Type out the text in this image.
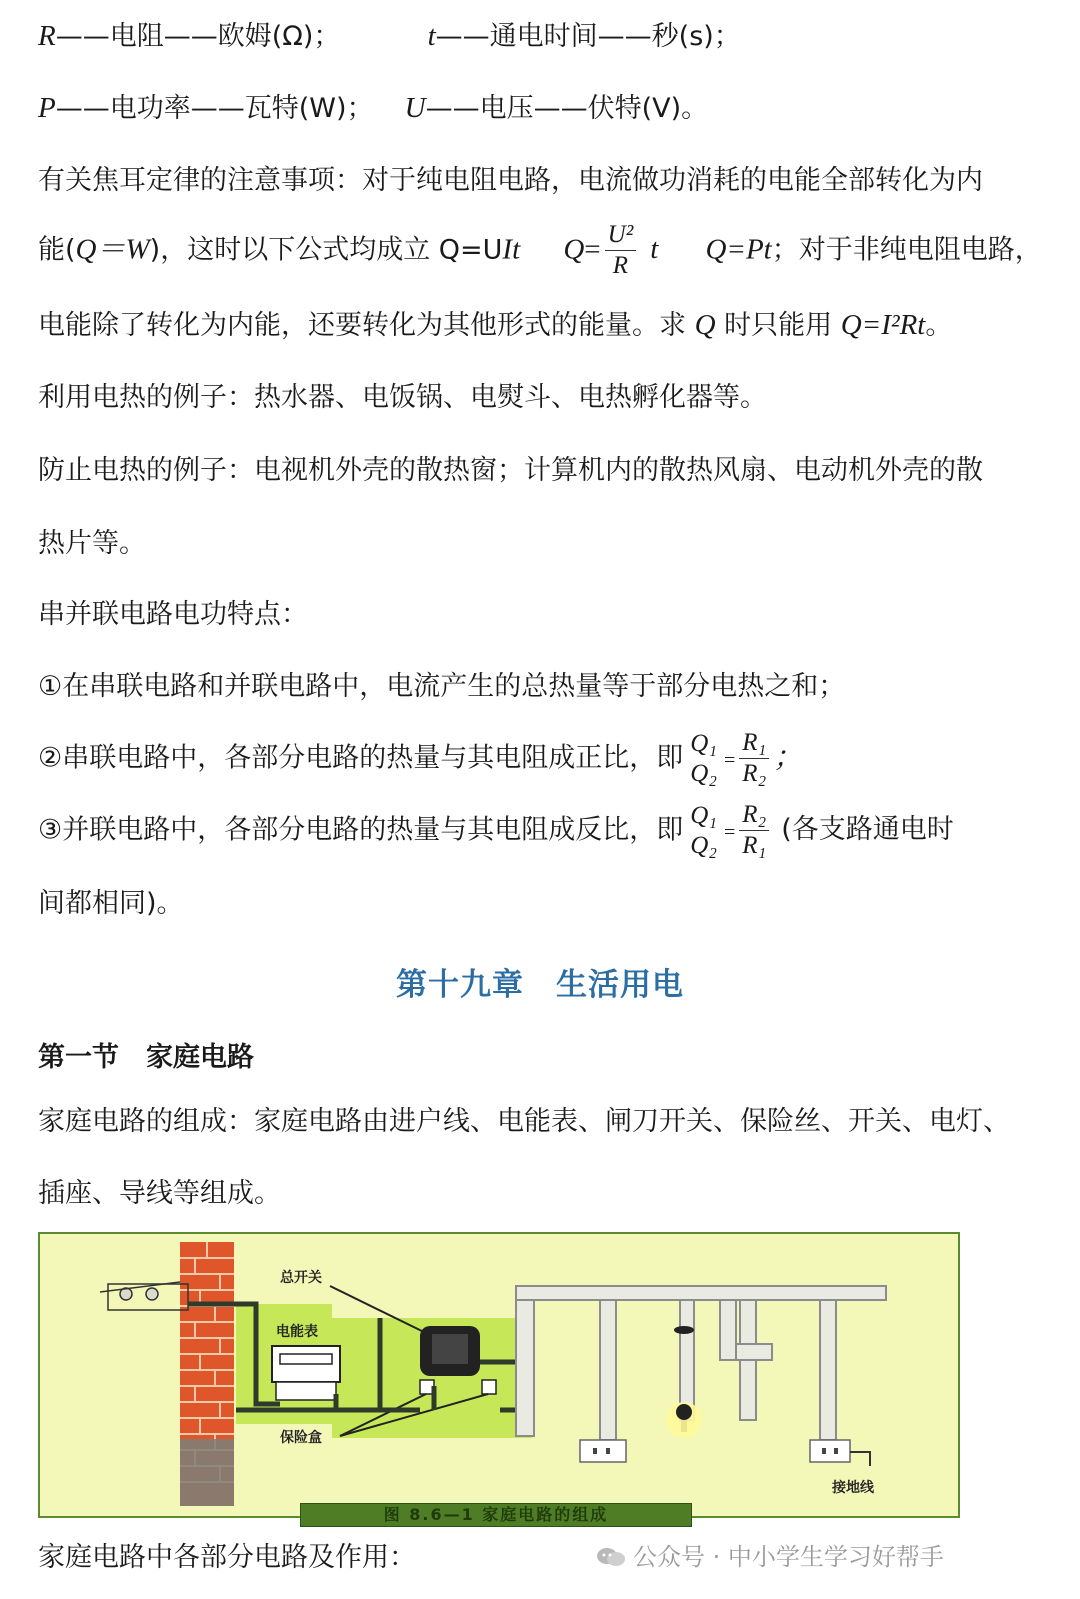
R——电阻——欧姆(Ω)；	t——通电时间——秒(s)；
P——电功率——瓦特(W)； U——电压——伏特(V)。
有关焦耳定律的注意事项：对于纯电阻电路，电流做功消耗的电能全部转化为内
能(Q＝W)，这时以下公式均成立 Q=UIt $Q= \frac{\text{U²}}{R}$ t Q=Pt；对于非纯电阻电路，
电能除了转化为内能，还要转化为其他形式的能量。求 Q 时只能用 Q=I²Rt。
利用电热的例子：热水器、电饭锅、电熨斗、电热孵化器等。
防止电热的例子：电视机外壳的散热窗；计算机内的散热风扇、电动机外壳的散
热片等。
串并联电路电功特点：
①在串联电路和并联电路中，电流产生的总热量等于部分电热之和；
②串联电路中，各部分电路的热量与其电阻成正比，即 Q₁
$Q_2 = \frac{\text{R₁}}{\text{R₂}}$ ；
③并联电路中，各部分电路的热量与其电阻成反比，即 Q₁
$Q_2 = \frac{\text{R₂}}{\text{R₁}}$ (各支路通电时
间都相同)。
第十九章　生活用电
第一节　家庭电路
家庭电路的组成：家庭电路由进户线、电能表、闸刀开关、保险丝、开关、电灯、
插座、导线等组成。
电能表
总开关
保险盒
接地线
图 8.6—1 家庭电路的组成
家庭电路中各部分电路及作用：	公众号 · 中小学生学习好帮手
